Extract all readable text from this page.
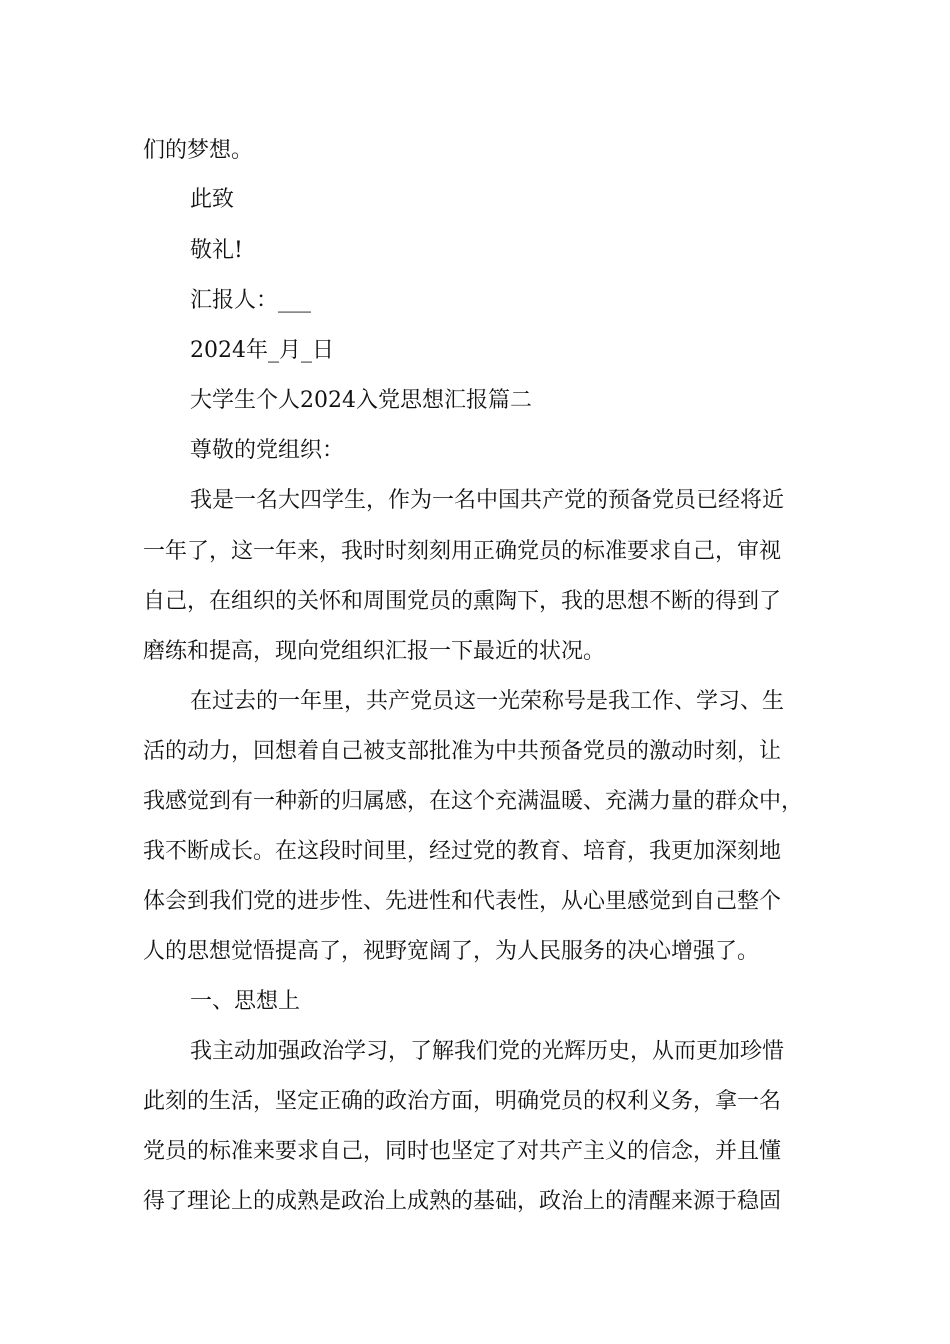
们的梦想。
此致
敬礼!
汇报人：___
2024年_月_日
大学生个人2024入党思想汇报篇二
尊敬的党组织：
我是一名大四学生，作为一名中国共产党的预备党员已经将近
一年了，这一年来，我时时刻刻用正确党员的标准要求自己，审视
自己，在组织的关怀和周围党员的熏陶下，我的思想不断的得到了
磨练和提高，现向党组织汇报一下最近的状况。
在过去的一年里，共产党员这一光荣称号是我工作、学习、生
活的动力，回想着自己被支部批准为中共预备党员的激动时刻，让
我感觉到有一种新的归属感，在这个充满温暖、充满力量的群众中，
我不断成长。在这段时间里，经过党的教育、培育，我更加深刻地
体会到我们党的进步性、先进性和代表性，从心里感觉到自己整个
人的思想觉悟提高了，视野宽阔了，为人民服务的决心增强了。
一、思想上
我主动加强政治学习，了解我们党的光辉历史，从而更加珍惜
此刻的生活，坚定正确的政治方面，明确党员的权利义务，拿一名
党员的标准来要求自己，同时也坚定了对共产主义的信念，并且懂
得了理论上的成熟是政治上成熟的基础，政治上的清醒来源于稳固
